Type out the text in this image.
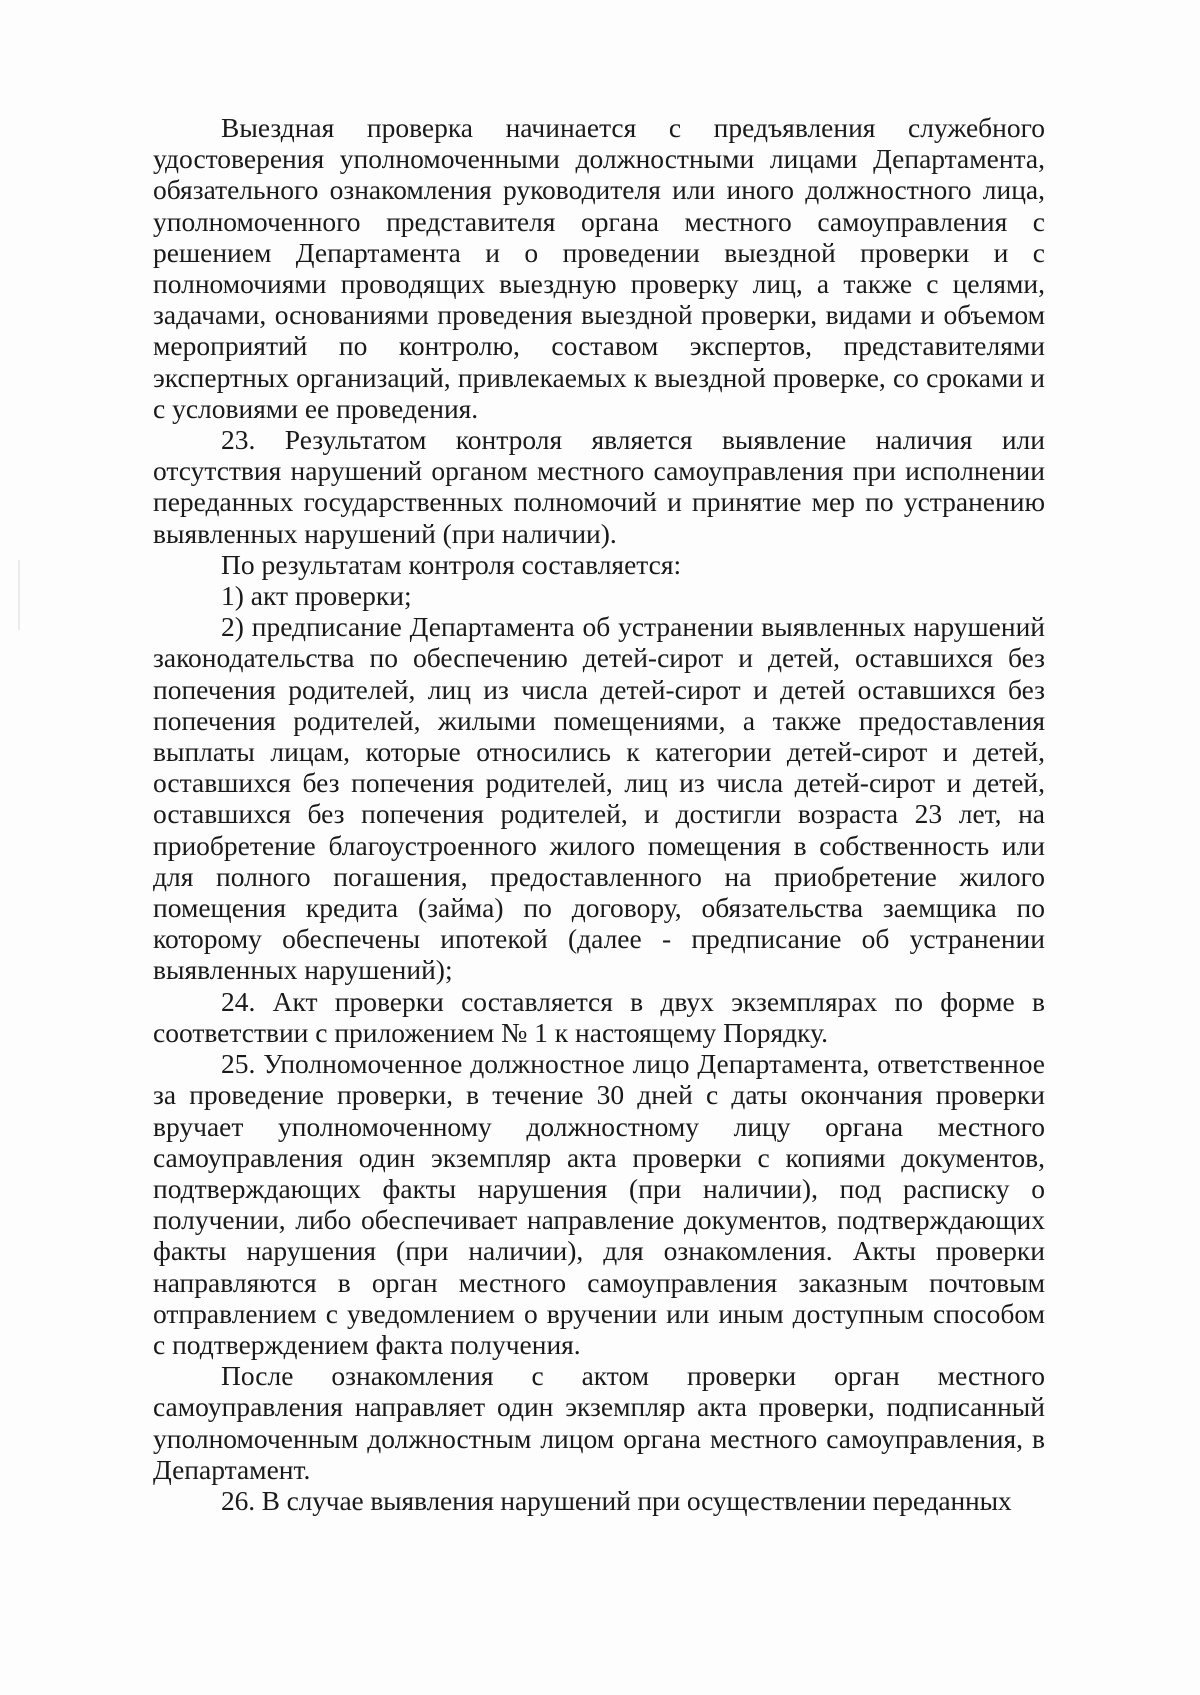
Выездная проверка начинается с предъявления служебного удостоверения уполномоченными должностными лицами Департамента, обязательного ознакомления руководителя или иного должностного лица, уполномоченного представителя органа местного самоуправления с решением Департамента и о проведении выездной проверки и с полномочиями проводящих выездную проверку лиц, а также с целями, задачами, основаниями проведения выездной проверки, видами и объемом мероприятий по контролю, составом экспертов, представителями экспертных организаций, привлекаемых к выездной проверке, со сроками и с условиями ее проведения.

23. Результатом контроля является выявление наличия или отсутствия нарушений органом местного самоуправления при исполнении переданных государственных полномочий и принятие мер по устранению выявленных нарушений (при наличии).

По результатам контроля составляется:

1) акт проверки;

2) предписание Департамента об устранении выявленных нарушений законодательства по обеспечению детей-сирот и детей, оставшихся без попечения родителей, лиц из числа детей-сирот и детей оставшихся без попечения родителей, жилыми помещениями, а также предоставления выплаты лицам, которые относились к категории детей-сирот и детей, оставшихся без попечения родителей, лиц из числа детей-сирот и детей, оставшихся без попечения родителей, и достигли возраста 23 лет, на приобретение благоустроенного жилого помещения в собственность или для полного погашения, предоставленного на приобретение жилого помещения кредита (займа) по договору, обязательства заемщика по которому обеспечены ипотекой (далее - предписание об устранении выявленных нарушений);

24. Акт проверки составляется в двух экземплярах по форме в соответствии с приложением № 1 к настоящему Порядку.

25. Уполномоченное должностное лицо Департамента, ответственное за проведение проверки, в течение 30 дней с даты окончания проверки вручает уполномоченному должностному лицу органа местного самоуправления один экземпляр акта проверки с копиями документов, подтверждающих факты нарушения (при наличии), под расписку о получении, либо обеспечивает направление документов, подтверждающих факты нарушения (при наличии), для ознакомления. Акты проверки направляются в орган местного самоуправления заказным почтовым отправлением с уведомлением о вручении или иным доступным способом с подтверждением факта получения.

После ознакомления с актом проверки орган местного самоуправления направляет один экземпляр акта проверки, подписанный уполномоченным должностным лицом органа местного самоуправления, в Департамент.

26. В случае выявления нарушений при осуществлении переданных
